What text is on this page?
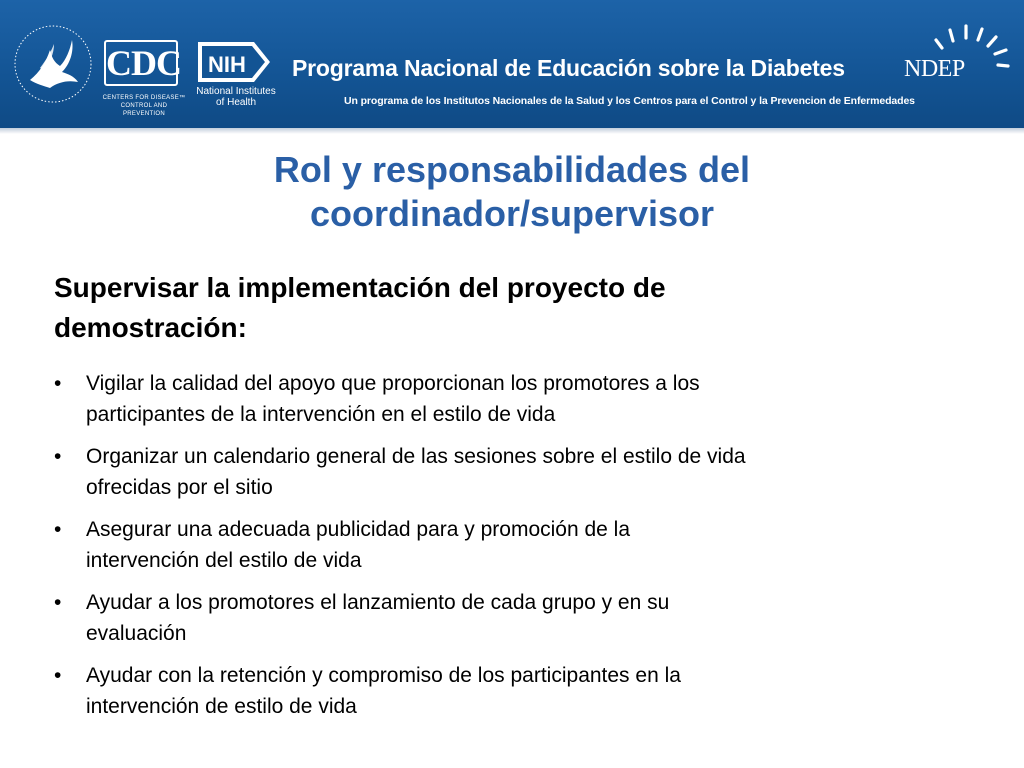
CDC
CENTERS FOR DISEASE™
CONTROL AND PREVENTION
NIH
National Institutes
of Health
Programa Nacional de Educación sobre la Diabetes
Un programa de los Institutos Nacionales de la Salud y los Centros para el Control y la Prevencion de Enfermedades
NDEP
Rol y responsabilidades del
coordinador/supervisor
Supervisar la implementación del proyecto de
demostración:
• Vigilar la calidad del apoyo que proporcionan los promotores a los
participantes de la intervención en el estilo de vida
• Organizar un calendario general de las sesiones sobre el estilo de vida
ofrecidas por el sitio
• Asegurar una adecuada publicidad para y promoción de la
intervención del estilo de vida
• Ayudar a los promotores el lanzamiento de cada grupo y en su
evaluación
• Ayudar con la retención y compromiso de los participantes en la
intervención de estilo de vida
